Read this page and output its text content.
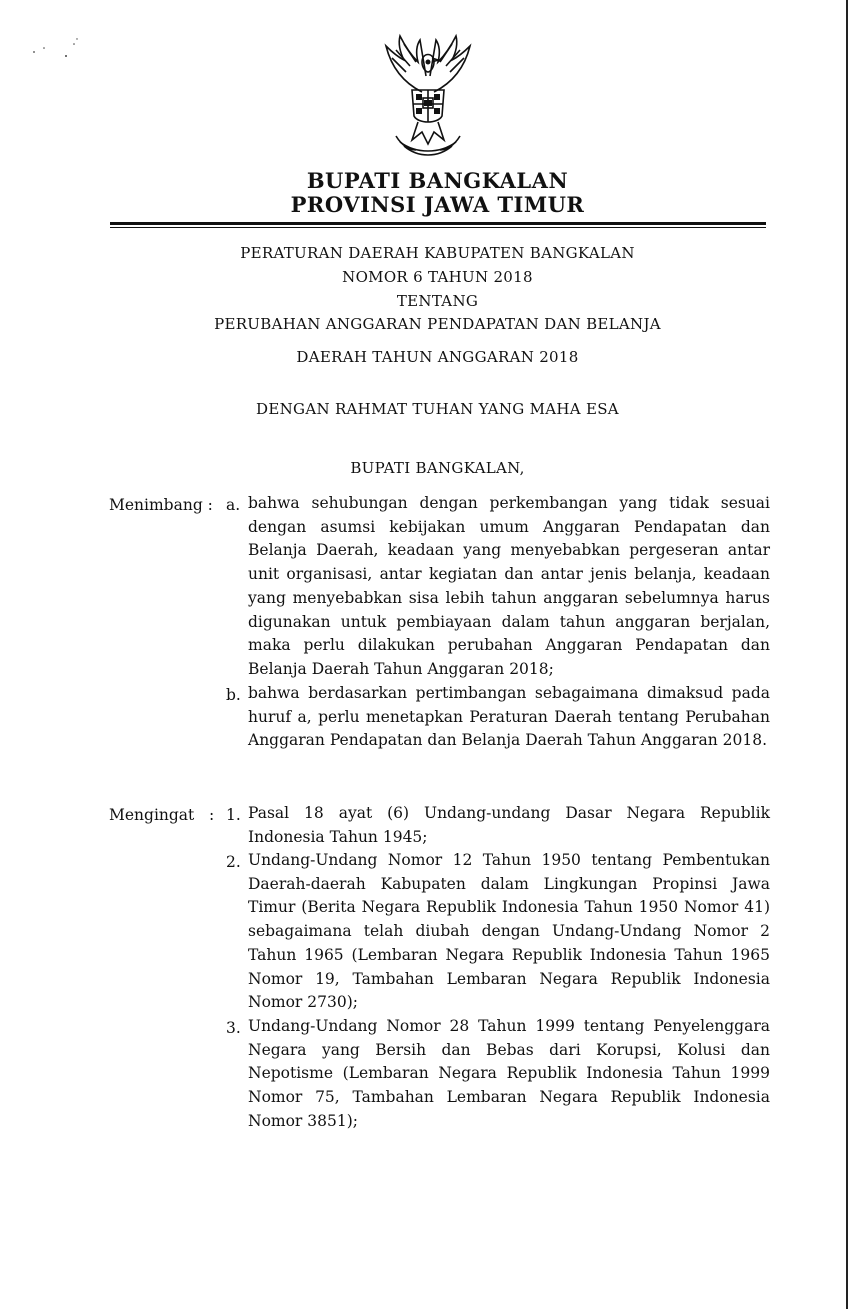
BUPATI BANGKALAN
PROVINSI JAWA TIMUR
PERATURAN DAERAH KABUPATEN BANGKALAN
NOMOR 6 TAHUN 2018
TENTANG
PERUBAHAN ANGGARAN PENDAPATAN DAN BELANJA
DAERAH TAHUN ANGGARAN 2018
DENGAN RAHMAT TUHAN YANG MAHA ESA
BUPATI BANGKALAN,
Menimbang : a. bahwa sehubungan dengan perkembangan yang tidak sesuai dengan asumsi kebijakan umum Anggaran Pendapatan dan Belanja Daerah, keadaan yang menyebabkan pergeseran antar unit organisasi, antar kegiatan dan antar jenis belanja, keadaan yang menyebabkan sisa lebih tahun anggaran sebelumnya harus digunakan untuk pembiayaan dalam tahun anggaran berjalan, maka perlu dilakukan perubahan Anggaran Pendapatan dan Belanja Daerah Tahun Anggaran 2018;
b. bahwa berdasarkan pertimbangan sebagaimana dimaksud pada huruf a, perlu menetapkan Peraturan Daerah tentang Perubahan Anggaran Pendapatan dan Belanja Daerah Tahun Anggaran 2018.
Mengingat   : 1. Pasal 18 ayat (6) Undang-undang Dasar Negara Republik Indonesia Tahun 1945;
2. Undang-Undang Nomor 12 Tahun 1950 tentang Pembentukan Daerah-daerah Kabupaten dalam Lingkungan Propinsi Jawa Timur (Berita Negara Republik Indonesia Tahun 1950 Nomor 41) sebagaimana telah diubah dengan Undang-Undang Nomor 2 Tahun 1965 (Lembaran Negara Republik Indonesia Tahun 1965 Nomor 19, Tambahan Lembaran Negara Republik Indonesia Nomor 2730);
3. Undang-Undang Nomor 28 Tahun 1999 tentang Penyelenggara Negara yang Bersih dan Bebas dari Korupsi, Kolusi dan Nepotisme (Lembaran Negara Republik Indonesia Tahun 1999 Nomor 75, Tambahan Lembaran Negara Republik Indonesia Nomor 3851);
